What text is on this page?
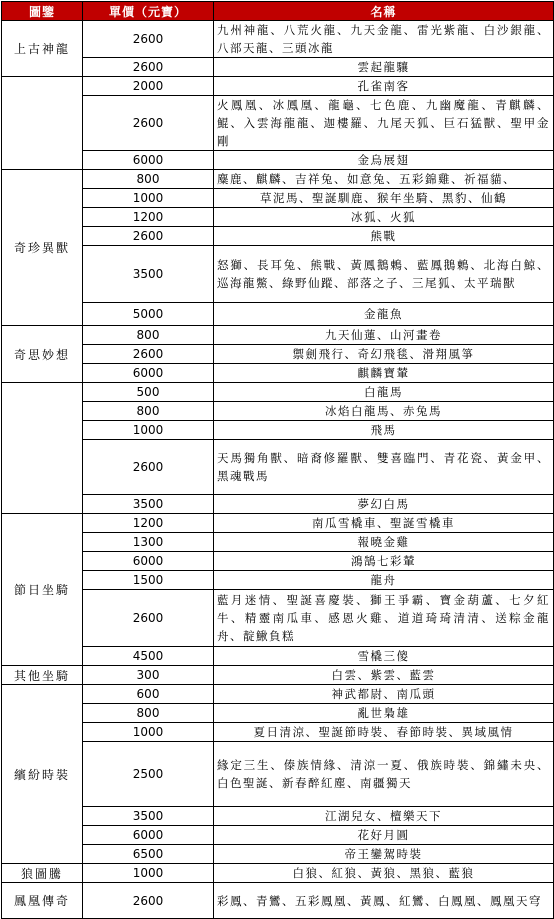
圖鑒	單價（元寶）	名稱
上古神龍	2600	九州神龍、八荒火龍、九天金龍、雷光紫龍、白沙銀龍、八部天龍、三頭冰龍
	2600	雲起龍驤
	2000	孔雀南客
	2600	火鳳凰、冰鳳凰、龍龜、七色鹿、九幽魔龍、青麒麟、鯤、入雲海龍龍、迦樓羅、九尾天狐、巨石猛獸、聖甲金剛
	6000	金烏展翅
奇珍異獸	800	麋鹿、麒麟、吉祥兔、如意兔、五彩錦雞、祈福貓、
	1000	草泥馬、聖誕馴鹿、猴年坐騎、黑豹、仙鶴
	1200	冰狐、火狐
	2600	熊戰
	3500	怒獅、長耳兔、熊戰、黃鳳鵝鶇、藍鳳鵝鶇、北海白鯨、巡海龍鱉、綠野仙蹤、部落之子、三尾狐、太平瑞獸
	5000	金龍魚
奇思妙想	800	九天仙蓮、山河畫卷
	2600	禦劍飛行、奇幻飛毯、滑翔風箏
	6000	麒麟寶輦
	500	白龍馬
	800	冰焰白龍馬、赤兔馬
	1000	飛馬
	2600	天馬獨角獸、暗裔修羅獸、雙喜臨門、青花瓷、黃金甲、黑魂戰馬
	3500	夢幻白馬
節日坐騎	1200	南瓜雪橇車、聖誕雪橇車
	1300	報曉金雞
	6000	鴻鵠七彩輦
	1500	龍舟
	2600	藍月迷情、聖誕喜慶裝、獅王爭霸、寶金葫蘆、七夕紅牛、精靈南瓜車、感恩火雞、道道琦琦清清、送粽金龍舟、靛鰍負糕
	4500	雪橇三傻
其他坐騎	300	白雲、紫雲、藍雲
繽紛時裝	600	神武都尉、南瓜頭
	800	亂世梟雄
	1000	夏日清涼、聖誕節時裝、春節時裝、異域風情
	2500	緣定三生、傣族情緣、清涼一夏、俄族時裝、錦繡未央、白色聖誕、新春醉紅塵、南疆獨天
	3500	江湖兒女、檀樂天下
	6000	花好月圓
	6500	帝王鑾駕時裝
狼圖騰	1000	白狼、紅狼、黃狼、黑狼、藍狼
鳳凰傳奇	2600	彩鳳、青鸞、五彩鳳凰、黃鳳、紅鸞、白鳳凰、鳳凰天穹
